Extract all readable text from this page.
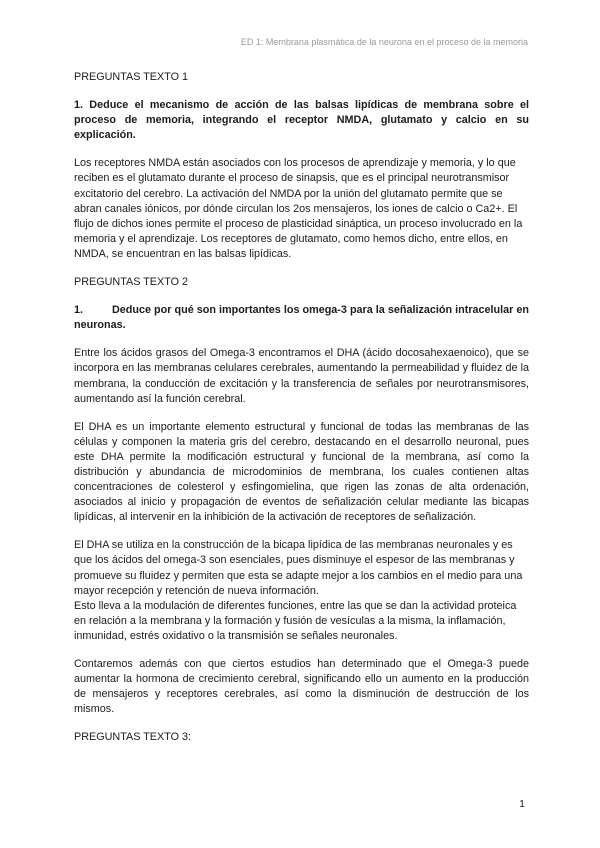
ED 1: Membrana plasmática de la neurona en el proceso de la memoria
PREGUNTAS TEXTO 1
1. Deduce el mecanismo de acción de las balsas lipídicas de membrana sobre el proceso de memoria, integrando el receptor NMDA, glutamato y calcio en su explicación.
Los receptores NMDA están asociados con los procesos de aprendizaje y memoria, y lo que reciben es el glutamato durante el proceso de sinapsis, que es el principal neurotransmisor excitatorio del cerebro. La activación del NMDA por la unión del glutamato permite que se abran canales iónicos, por dónde circulan los 2os mensajeros, los iones de calcio o Ca2+. El flujo de dichos iones permite el proceso de plasticidad sináptica, un proceso involucrado en la memoria y el aprendizaje. Los receptores de glutamato, como hemos dicho, entre ellos, en NMDA, se encuentran en las balsas lipídicas.
PREGUNTAS TEXTO 2
1.	Deduce por qué son importantes los omega-3 para la señalización intracelular en neuronas.
Entre los ácidos grasos del Omega-3 encontramos el DHA (ácido docosahexaenoico), que se incorpora en las membranas celulares cerebrales, aumentando la permeabilidad y fluidez de la membrana, la conducción de excitación y la transferencia de señales por neurotransmisores, aumentando así la función cerebral.
El DHA es un importante elemento estructural y funcional de todas las membranas de las células y componen la materia gris del cerebro, destacando en el desarrollo neuronal, pues este DHA permite la modificación estructural y funcional de la membrana, así como la distribución y abundancia de microdominios de membrana, los cuales contienen altas concentraciones de colesterol y esfingomielina, que rigen las zonas de alta ordenación, asociados al inicio y propagación de eventos de señalización celular mediante las bicapas lipídicas, al intervenir en la inhibición de la activación de receptores de señalización.
El DHA se utiliza en la construcción de la bicapa lipídica de las membranas neuronales y es que los ácidos del omega-3 son esenciales, pues disminuye el espesor de las membranas y promueve su fluidez y permiten que esta se adapte mejor a los cambios en el medio para una mayor recepción y retención de nueva información.
Esto lleva a la modulación de diferentes funciones, entre las que se dan la actividad proteica en relación a la membrana y la formación y fusión de vesículas a la misma, la inflamación, inmunidad, estrés oxidativo o la transmisión se señales neuronales.
Contaremos además con que ciertos estudios han determinado que el Omega-3 puede aumentar la hormona de crecimiento cerebral, significando ello un aumento en la producción de mensajeros y receptores cerebrales, así como la disminución de destrucción de los mismos.
PREGUNTAS TEXTO 3:
1
